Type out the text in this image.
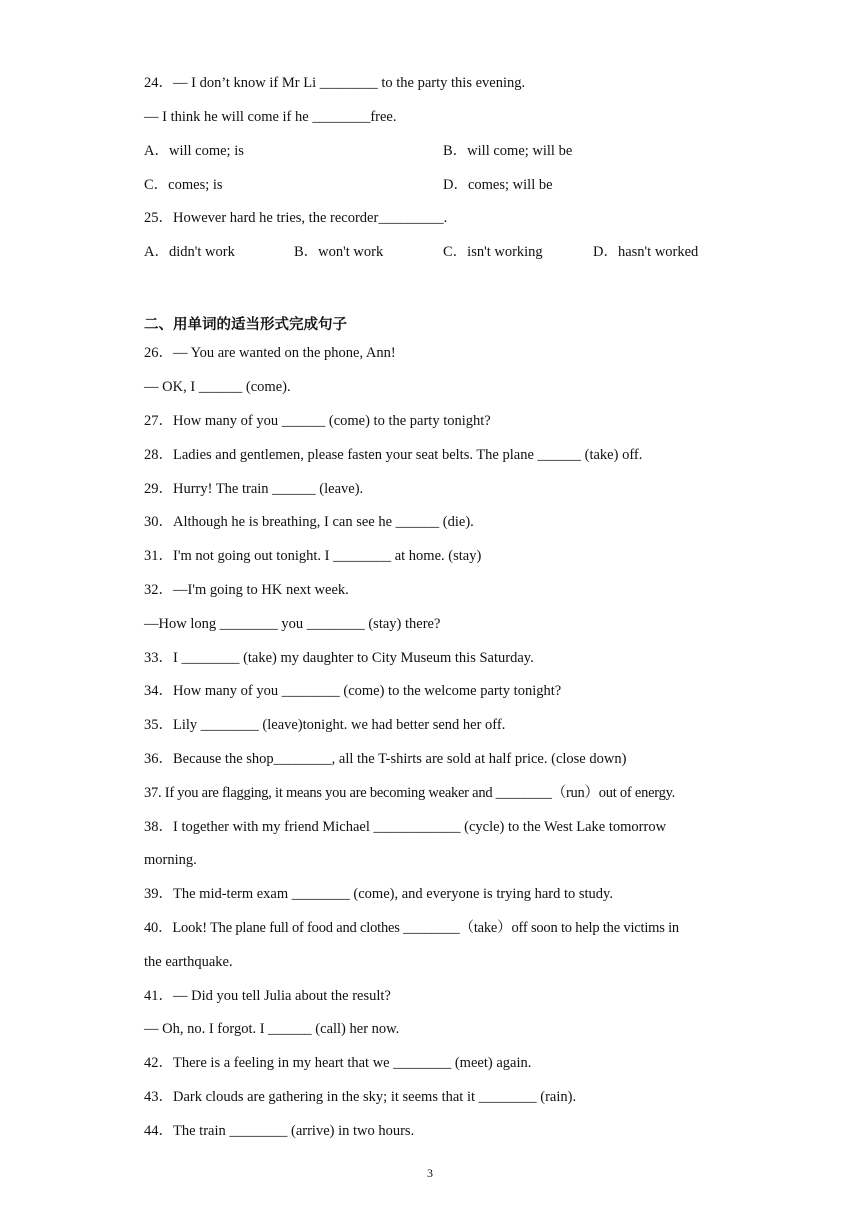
24．— I don’t know if Mr Li ________ to the party this evening.
— I think he will come if he ________free.
A．will come; is	B．will come; will be
C．comes; is	D．comes; will be
25．However hard he tries, the recorder_________.
A．didn't work	B．won't work	C．isn't working	D．hasn't worked
二、用单词的适当形式完成句子
26．— You are wanted on the phone, Ann!
— OK, I ______ (come).
27．How many of you ______ (come) to the party tonight?
28．Ladies and gentlemen, please fasten your seat belts. The plane ______ (take) off.
29．Hurry! The train ______ (leave).
30．Although he is breathing, I can see he ______ (die).
31．I'm not going out tonight. I ________ at home. (stay)
32．—I'm going to HK next week.
—How long ________ you ________ (stay) there?
33．I ________ (take) my daughter to City Museum this Saturday.
34．How many of you ________ (come) to the welcome party tonight?
35．Lily ________ (leave)tonight. we had better send her off.
36．Because the shop________, all the T-shirts are sold at half price. (close down)
37. If you are flagging, it means you are becoming weaker and ________（run）out of energy.
38．I together with my friend Michael ____________ (cycle) to the West Lake tomorrow
morning.
39．The mid-term exam ________ (come), and everyone is trying hard to study.
40．Look! The plane full of food and clothes ________（take）off soon to help the victims in
the earthquake.
41．— Did you tell Julia about the result?
— Oh, no. I forgot. I ______ (call) her now.
42．There is a feeling in my heart that we ________ (meet) again.
43．Dark clouds are gathering in the sky; it seems that it ________ (rain).
44．The train ________ (arrive) in two hours.
3
